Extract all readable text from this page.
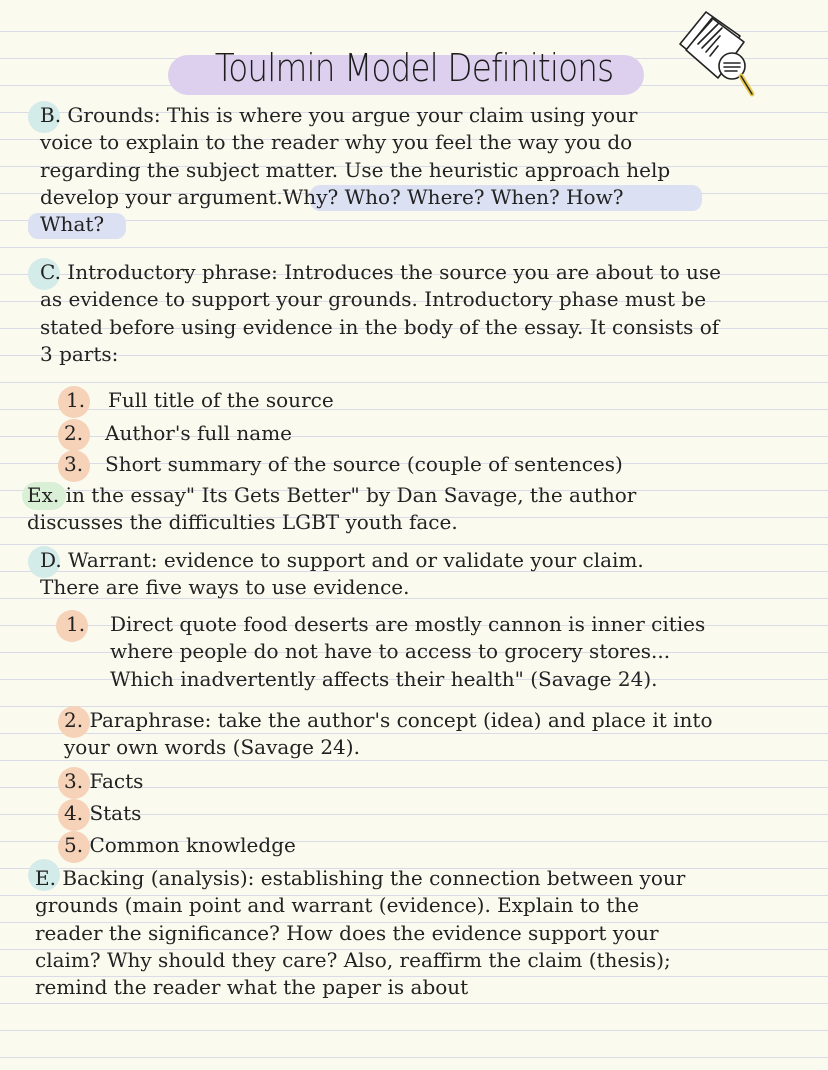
Toulmin Model Definitions
B. Grounds: This is where you argue your claim using your
voice to explain to the reader why you feel the way you do
regarding the subject matter. Use the heuristic approach help
develop your argument.Why? Who? Where? When? How?
What?
C. Introductory phrase: Introduces the source you are about to use
as evidence to support your grounds. Introductory phase must be
stated before using evidence in the body of the essay. It consists of
3 parts:
1. Full title of the source
2. Author's full name
3. Short summary of the source (couple of sentences)
Ex. in the essay" Its Gets Better" by Dan Savage, the author
discusses the difficulties LGBT youth face.
D. Warrant: evidence to support and or validate your claim.
There are five ways to use evidence.
1. Direct quote food deserts are mostly cannon is inner cities
where people do not have to access to grocery stores...
Which inadvertently affects their health" (Savage 24).
2. Paraphrase: take the author's concept (idea) and place it into
your own words (Savage 24).
3. Facts
4. Stats
5. Common knowledge
E. Backing (analysis): establishing the connection between your
grounds (main point and warrant (evidence). Explain to the
reader the significance? How does the evidence support your
claim? Why should they care? Also, reaffirm the claim (thesis);
remind the reader what the paper is about
